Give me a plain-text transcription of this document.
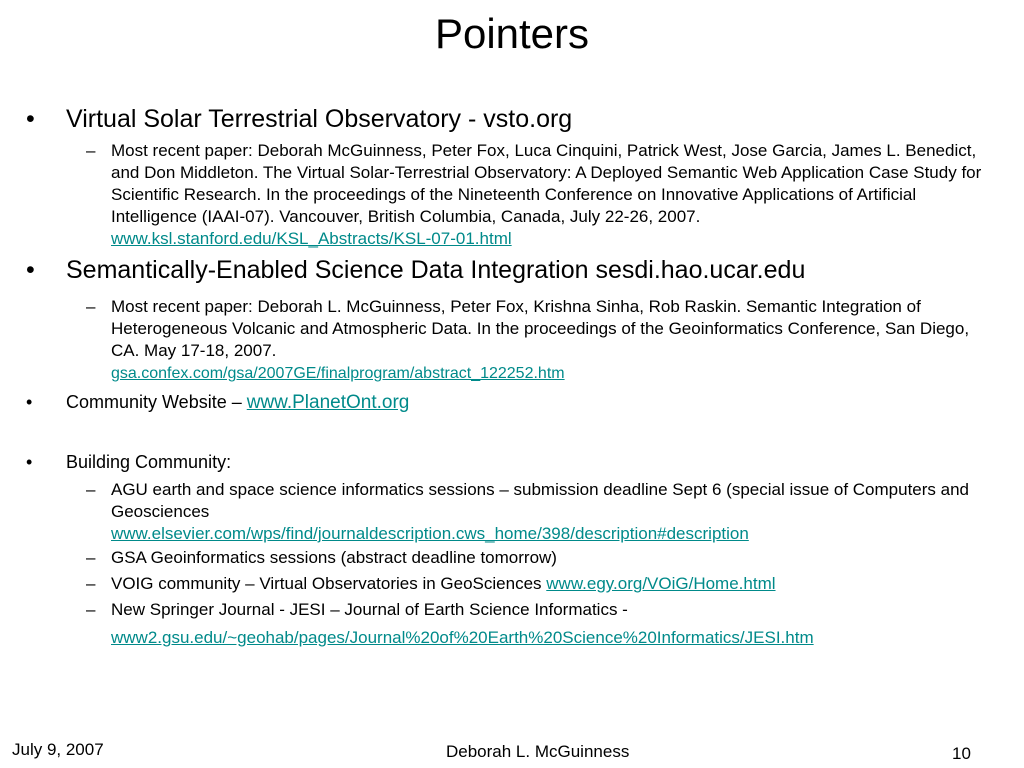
Pointers
• Virtual Solar Terrestrial Observatory - vsto.org
– Most recent paper: Deborah McGuinness, Peter Fox, Luca Cinquini, Patrick West, Jose Garcia, James L. Benedict, and Don Middleton. The Virtual Solar-Terrestrial Observatory: A Deployed Semantic Web Application Case Study for Scientific Research. In the proceedings of the Nineteenth Conference on Innovative Applications of Artificial Intelligence (IAAI-07). Vancouver, British Columbia, Canada, July 22-26, 2007. www.ksl.stanford.edu/KSL_Abstracts/KSL-07-01.html
• Semantically-Enabled Science Data Integration sesdi.hao.ucar.edu
– Most recent paper: Deborah L. McGuinness, Peter Fox, Krishna Sinha, Rob Raskin. Semantic Integration of Heterogeneous Volcanic and Atmospheric Data. In the proceedings of the Geoinformatics Conference, San Diego, CA. May 17-18, 2007.
gsa.confex.com/gsa/2007GE/finalprogram/abstract_122252.htm
• Community Website – www.PlanetOnt.org
• Building Community:
– AGU earth and space science informatics sessions – submission deadline Sept 6 (special issue of Computers and Geosciences
www.elsevier.com/wps/find/journaldescription.cws_home/398/description#description
– GSA Geoinformatics sessions (abstract deadline tomorrow)
– VOIG community – Virtual Observatories in GeoSciences www.egy.org/VOiG/Home.html
– New Springer Journal - JESI – Journal of Earth Science Informatics -
www2.gsu.edu/~geohab/pages/Journal%20of%20Earth%20Science%20Informatics/JESI.htm
July 9, 2007	Deborah L. McGuinness	10
